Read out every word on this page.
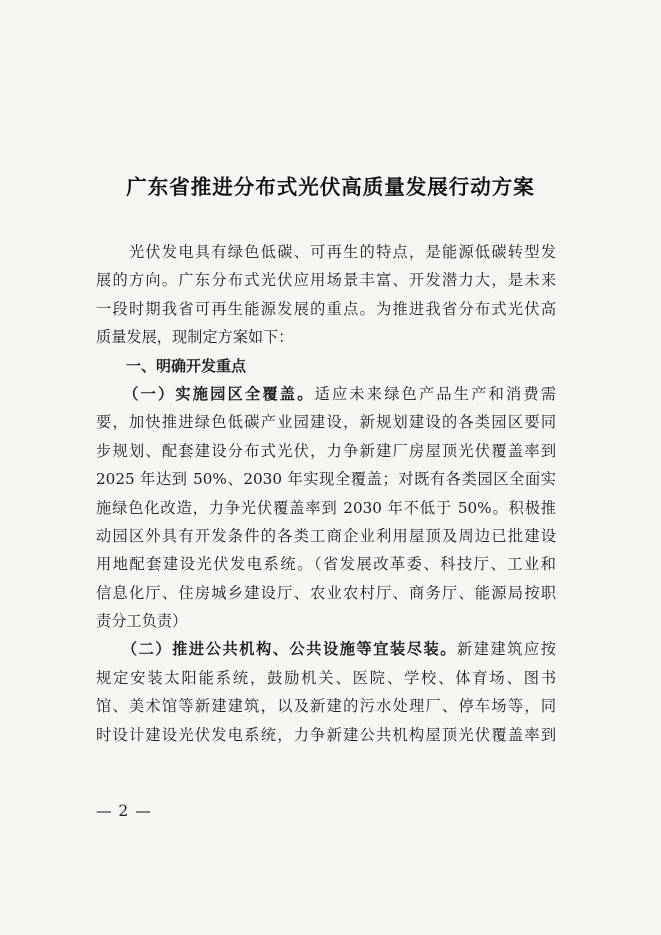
广东省推进分布式光伏高质量发展行动方案
　　光伏发电具有绿色低碳、可再生的特点，是能源低碳转型发
展的方向。广东分布式光伏应用场景丰富、开发潜力大，是未来
一段时期我省可再生能源发展的重点。为推进我省分布式光伏高
质量发展，现制定方案如下：
　　一、明确开发重点
　　（一）实施园区全覆盖。适应未来绿色产品生产和消费需
要，加快推进绿色低碳产业园建设，新规划建设的各类园区要同
步规划、配套建设分布式光伏，力争新建厂房屋顶光伏覆盖率到
2025 年达到 50%、2030 年实现全覆盖；对既有各类园区全面实
施绿色化改造，力争光伏覆盖率到 2030 年不低于 50%。积极推
动园区外具有开发条件的各类工商企业利用屋顶及周边已批建设
用地配套建设光伏发电系统。（省发展改革委、科技厅、工业和
信息化厅、住房城乡建设厅、农业农村厅、商务厅、能源局按职
责分工负责）
　　（二）推进公共机构、公共设施等宜装尽装。新建建筑应按
规定安装太阳能系统，鼓励机关、医院、学校、体育场、图书
馆、美术馆等新建建筑，以及新建的污水处理厂、停车场等，同
时设计建设光伏发电系统，力争新建公共机构屋顶光伏覆盖率到
— 2 —
